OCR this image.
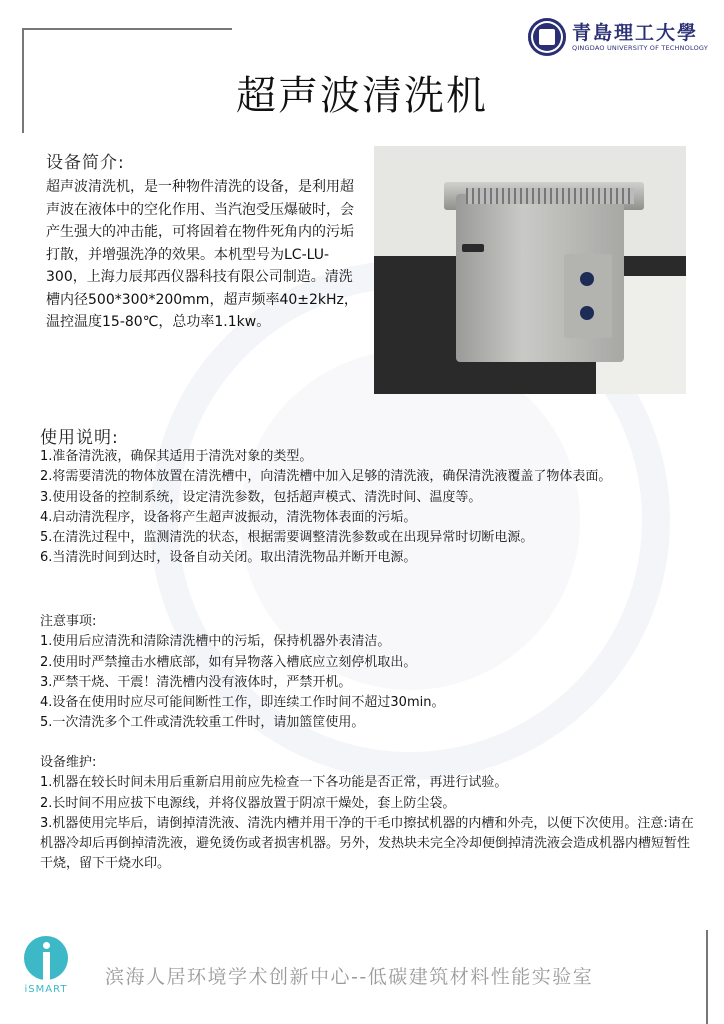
青島理工大學
QINGDAO UNIVERSITY OF TECHNOLOGY
超声波清洗机
设备简介:
超声波清洗机，是一种物件清洗的设备，是利用超声波在液体中的空化作用、当汽泡受压爆破时，会产生强大的冲击能，可将固着在物件死角内的污垢打散，并增强洗净的效果。本机型号为LC-LU-300，上海力辰邦西仪器科技有限公司制造。清洗槽内径500*300*200mm，超声频率40±2kHz，温控温度15-80℃，总功率1.1kw。
使用说明:

1.准备清洗液，确保其适用于清洗对象的类型。

2.将需要清洗的物体放置在清洗槽中，向清洗槽中加入足够的清洗液，确保清洗液覆盖了物体表面。

3.使用设备的控制系统，设定清洗参数，包括超声模式、清洗时间、温度等。

4.启动清洗程序，设备将产生超声波振动，清洗物体表面的污垢。

5.在清洗过程中，监测清洗的状态，根据需要调整清洗参数或在出现异常时切断电源。

6.当清洗时间到达时，设备自动关闭。取出清洗物品并断开电源。

注意事项:

1.使用后应清洗和清除清洗槽中的污垢，保持机器外表清洁。

2.使用时严禁撞击水槽底部，如有异物落入槽底应立刻停机取出。

3.严禁干烧、干震！清洗槽内没有液体时，严禁开机。

4.设备在使用时应尽可能间断性工作，即连续工作时间不超过30min。

5.一次清洗多个工件或清洗较重工件时，请加篮筐使用。

设备维护:

1.机器在较长时间未用后重新启用前应先检查一下各功能是否正常，再进行试验。

2.长时间不用应拔下电源线，并将仪器放置于阴凉干燥处，套上防尘袋。

3.机器使用完毕后，请倒掉清洗液、清洗内槽并用干净的干毛巾擦拭机器的内槽和外壳，以便下次使用。注意:请在机器冷却后再倒掉清洗液，避免烫伤或者损害机器。另外，发热块未完全冷却便倒掉清洗液会造成机器内槽短暂性干烧，留下干烧水印。

iSMART
滨海人居环境学术创新中心--低碳建筑材料性能实验室
